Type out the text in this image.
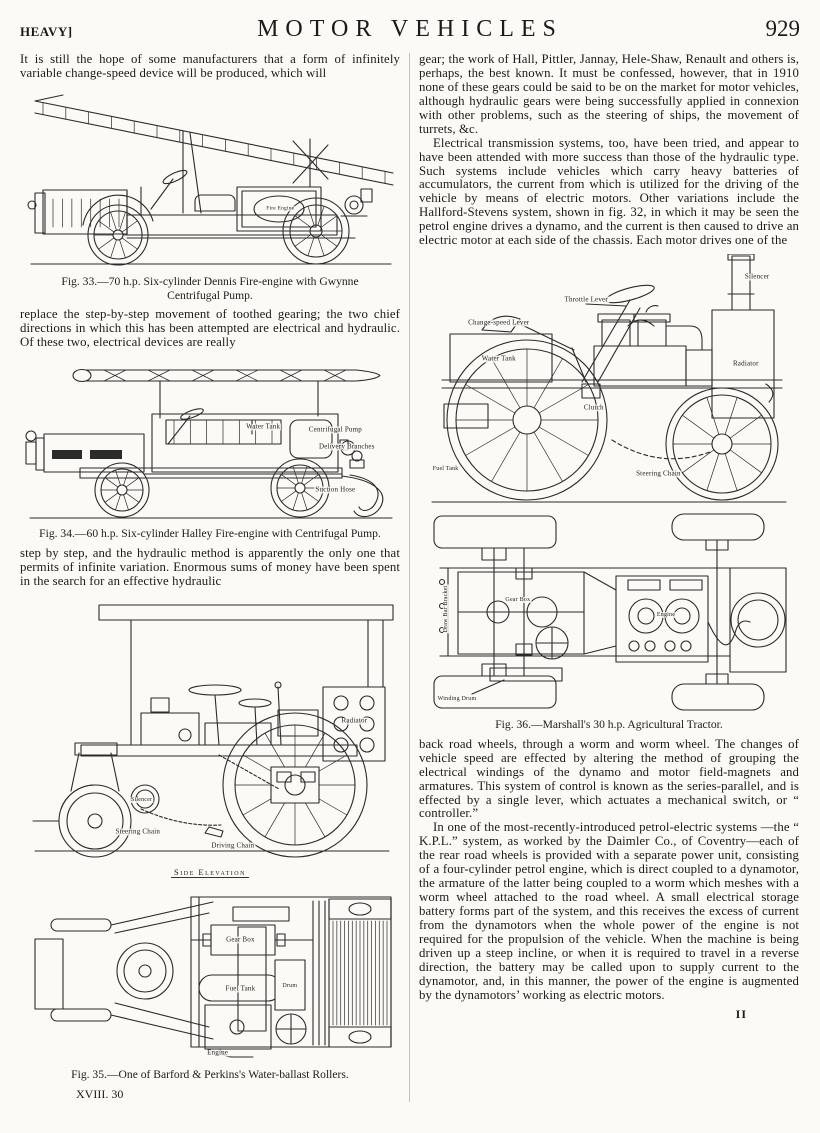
HEAVY]	MOTOR VEHICLES	929

It is still the hope of some manufacturers that a form of infinitely variable change-speed device will be produced, which will

Fire Engine
Fig. 33.—70 h.p. Six-cylinder Dennis Fire-engine with Gwynne Centrifugal Pump.

replace the step-by-step movement of toothed gearing; the two chief directions in which this has been attempted are electrical and hydraulic. Of these two, electrical devices are really

Water Tank	Centrifugal Pump
Delivery Branches
Suction Hose
Fig. 34.—60 h.p. Six-cylinder Halley Fire-engine with Centrifugal Pump.

step by step, and the hydraulic method is apparently the only one that permits of infinite variation. Enormous sums of money have been spent in the search for an effective hydraulic

Radiator
Silencer
Steering Chain
Driving Chain
Side Elevation
Gear Box
Fuel Tank
Engine
Drum
Fig. 35.—One of Barford & Perkins's Water-ballast Rollers.
XVIII. 30

gear; the work of Hall, Pittler, Jannay, Hele-Shaw, Renault and others is, perhaps, the best known. It must be confessed, however, that in 1910 none of these gears could be said to be on the market for motor vehicles, although hydraulic gears were being successfully applied in connexion with other problems, such as the steering of ships, the movement of turrets, &c.

Electrical transmission systems, too, have been tried, and appear to have been attended with more success than those of the hydraulic type. Such systems include vehicles which carry heavy batteries of accumulators, the current from which is utilized for the driving of the vehicle by means of electric motors. Other variations include the Hallford-Stevens system, shown in fig. 32, in which it may be seen the petrol engine drives a dynamo, and the current is then caused to drive an electric motor at each side of the chassis. Each motor drives one of the

Water Tank
Throttle Lever
Change-speed Lever
Silencer
Radiator
Clutch
Steering Chain
Fuel Tank
Draw Bar Bracket
Winding Drum
Engine
Gear Box
Fig. 36.—Marshall's 30 h.p. Agricultural Tractor.

back road wheels, through a worm and worm wheel. The changes of vehicle speed are effected by altering the method of grouping the electrical windings of the dynamo and motor field-magnets and armatures. This system of control is known as the series-parallel, and is effected by a single lever, which actuates a mechanical switch, or “ controller.”

In one of the most-recently-introduced petrol-electric systems —the “ K.P.L.” system, as worked by the Daimler Co., of Coventry—each of the rear road wheels is provided with a separate power unit, consisting of a four-cylinder petrol engine, which is direct coupled to a dynamotor, the armature of the latter being coupled to a worm which meshes with a worm wheel attached to the road wheel. A small electrical storage battery forms part of the system, and this receives the excess of current from the dynamotors when the whole power of the engine is not required for the propulsion of the vehicle. When the machine is being driven up a steep incline, or when it is required to travel in a reverse direction, the battery may be called upon to supply current to the dynamotor, and, in this manner, the power of the engine is augmented by the dynamotors’ working as electric motors.

II
